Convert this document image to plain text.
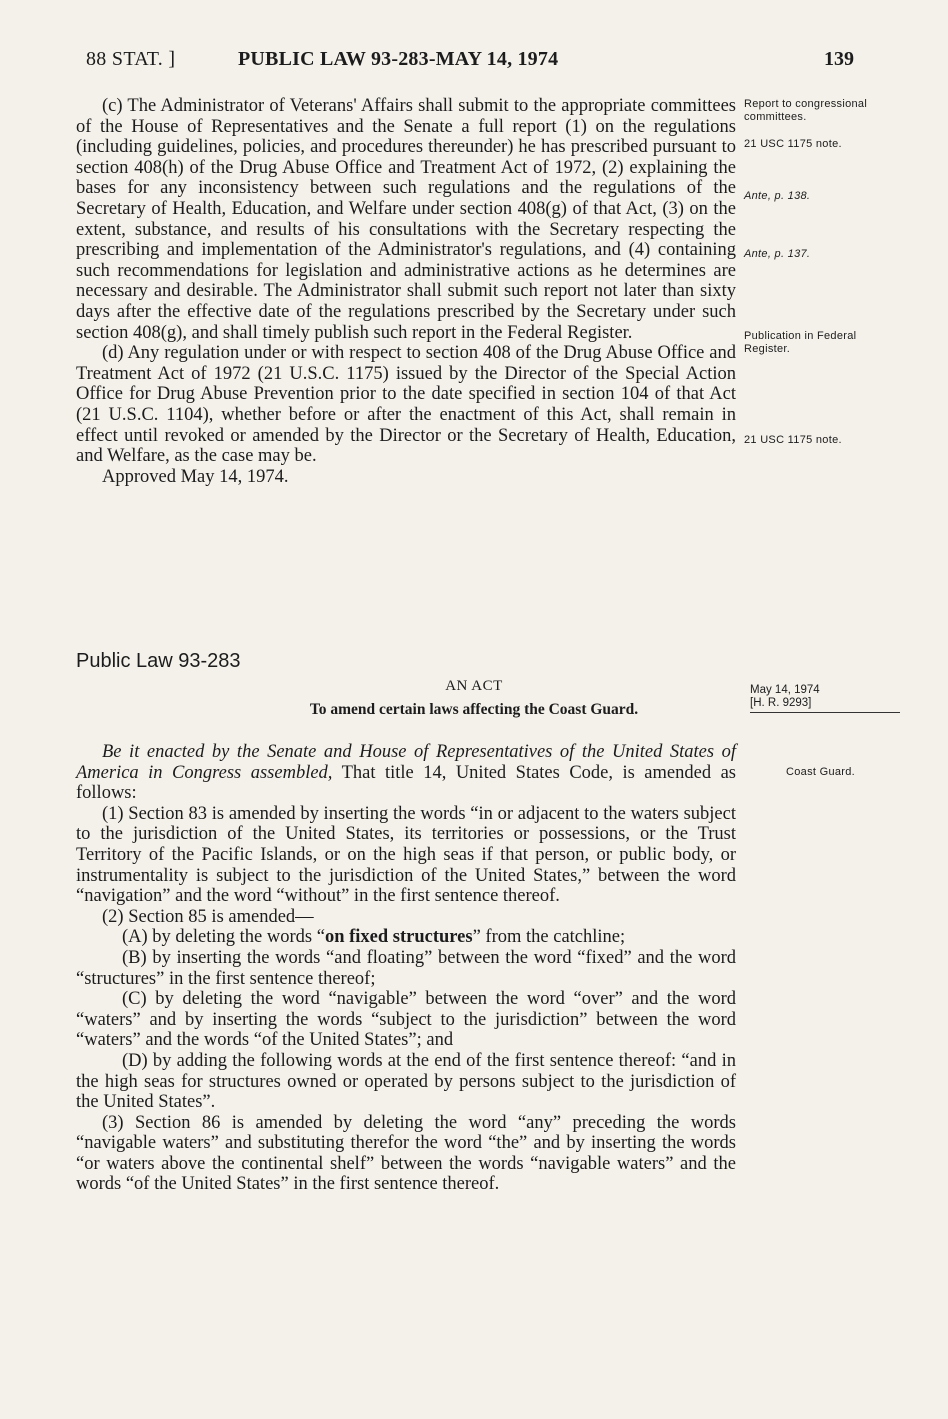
88 STAT. ]	PUBLIC LAW 93-283-MAY 14, 1974	139

(c) The Administrator of Veterans' Affairs shall submit to the appropriate committees of the House of Representatives and the Senate a full report (1) on the regulations (including guidelines, policies, and procedures thereunder) he has prescribed pursuant to section 408(h) of the Drug Abuse Office and Treatment Act of 1972, (2) explaining the bases for any inconsistency between such regulations and the regulations of the Secretary of Health, Education, and Welfare under section 408(g) of that Act, (3) on the extent, substance, and results of his consultations with the Secretary respecting the prescribing and implementation of the Administrator's regulations, and (4) containing such recommendations for legislation and administrative actions as he determines are necessary and desirable. The Administrator shall submit such report not later than sixty days after the effective date of the regulations prescribed by the Secretary under such section 408(g), and shall timely publish such report in the Federal Register.

(d) Any regulation under or with respect to section 408 of the Drug Abuse Office and Treatment Act of 1972 (21 U.S.C. 1175) issued by the Director of the Special Action Office for Drug Abuse Prevention prior to the date specified in section 104 of that Act (21 U.S.C. 1104), whether before or after the enactment of this Act, shall remain in effect until revoked or amended by the Director or the Secretary of Health, Education, and Welfare, as the case may be.

Approved May 14, 1974.

Report to congressional committees.
21 USC 1175 note.
Ante, p. 138.
Ante, p. 137.
Publication in Federal Register.
21 USC 1175 note.
Public Law 93-283
AN ACT
To amend certain laws affecting the Coast Guard.
May 14, 1974
[H. R. 9293]
Coast Guard.

Be it enacted by the Senate and House of Representatives of the United States of America in Congress assembled, That title 14, United States Code, is amended as follows:

(1) Section 83 is amended by inserting the words “in or adjacent to the waters subject to the jurisdiction of the United States, its territories or possessions, or the Trust Territory of the Pacific Islands, or on the high seas if that person, or public body, or instrumentality is subject to the jurisdiction of the United States,” between the word “navigation” and the word “without” in the first sentence thereof.

(2) Section 85 is amended—

(A) by deleting the words “on fixed structures” from the catchline;

(B) by inserting the words “and floating” between the word “fixed” and the word “structures” in the first sentence thereof;

(C) by deleting the word “navigable” between the word “over” and the word “waters” and by inserting the words “subject to the jurisdiction” between the word “waters” and the words “of the United States”; and

(D) by adding the following words at the end of the first sentence thereof: “and in the high seas for structures owned or operated by persons subject to the jurisdiction of the United States”.

(3) Section 86 is amended by deleting the word “any” preceding the words “navigable waters” and substituting therefor the word “the” and by inserting the words “or waters above the continental shelf” between the words “navigable waters” and the words “of the United States” in the first sentence thereof.
